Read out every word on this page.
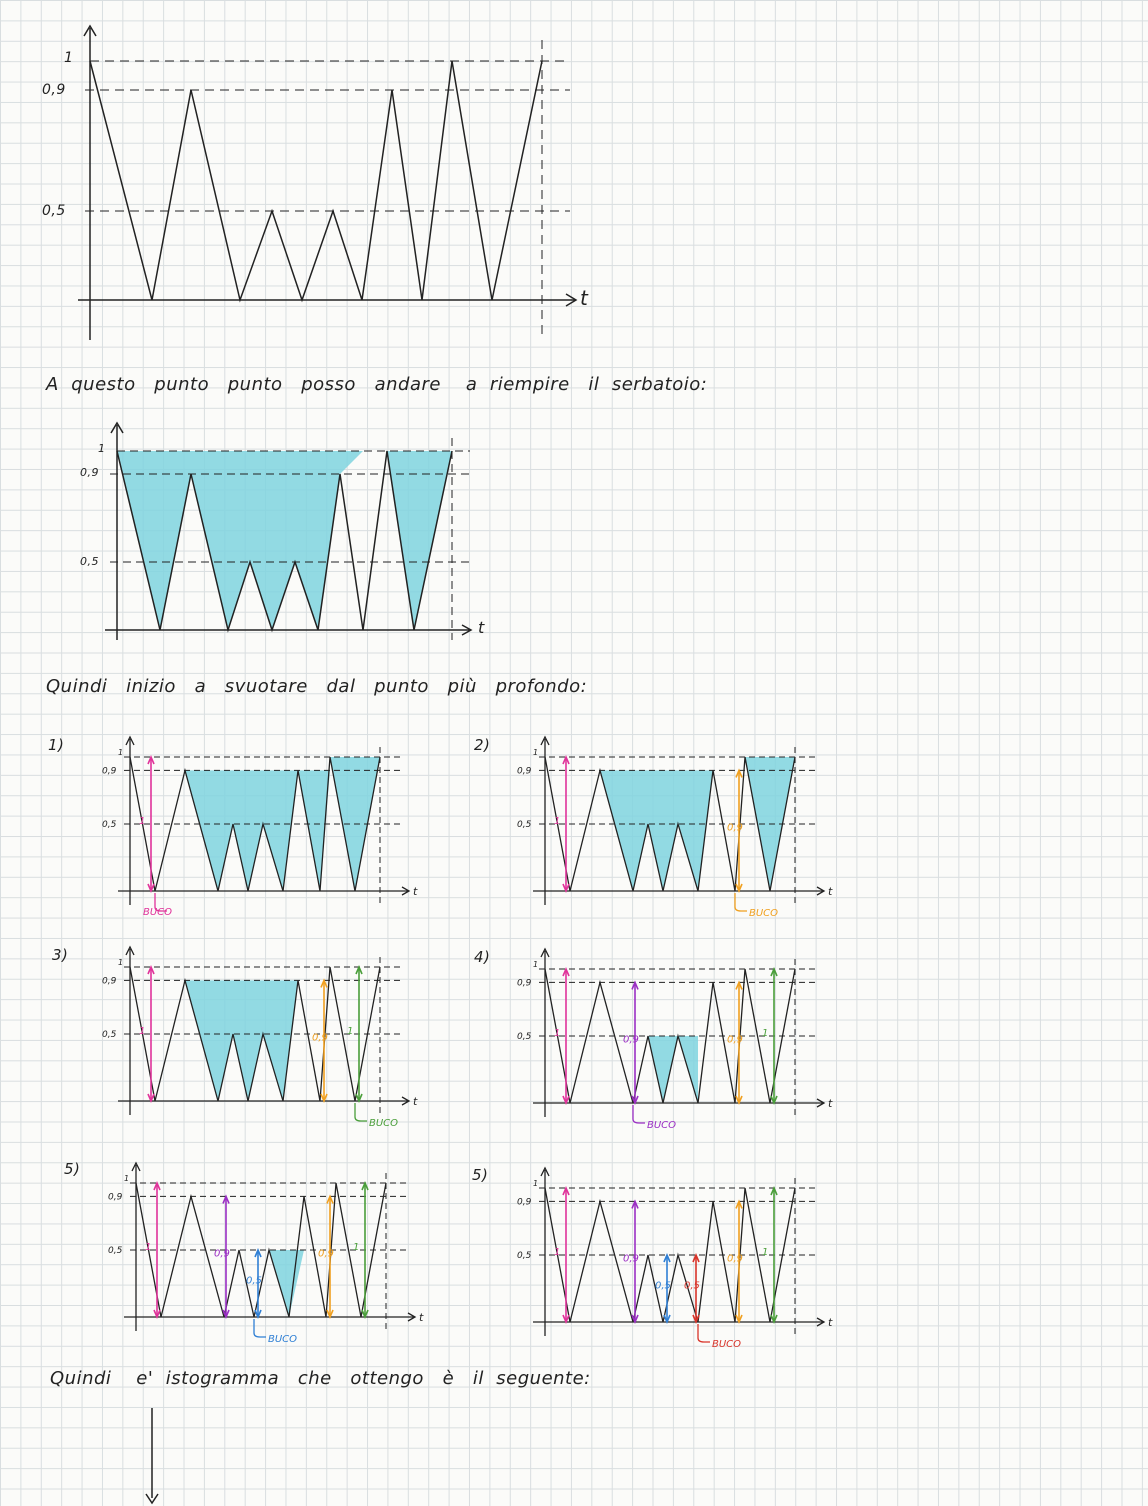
1
0,9
0,5
t
A  questo   punto   punto   posso   andare    a  riempire   il  serbatoio:
1
0,9
0,5
t
Quindi   inizio   a   svuotare   dal   punto   più   profondo:
1
0,9
0,5
t
1
BUCO
1
0,9
0,5
t
1
0,9
BUCO
1
0,9
0,5
t
1
0,9
1
BUCO
1
0,9
0,5
t
1
0,9	0,9
1
BUCO
1
0,9
0,5
t
1
0,9
0,5
0,9
1
BUCO
1
0,9
0,5
t
1
0,9
0,5 0,5
0,9
1
BUCO
1)	2)
3)	4)
5)	5)
Quindi    e'  istogramma   che   ottengo   è   il  seguente:
